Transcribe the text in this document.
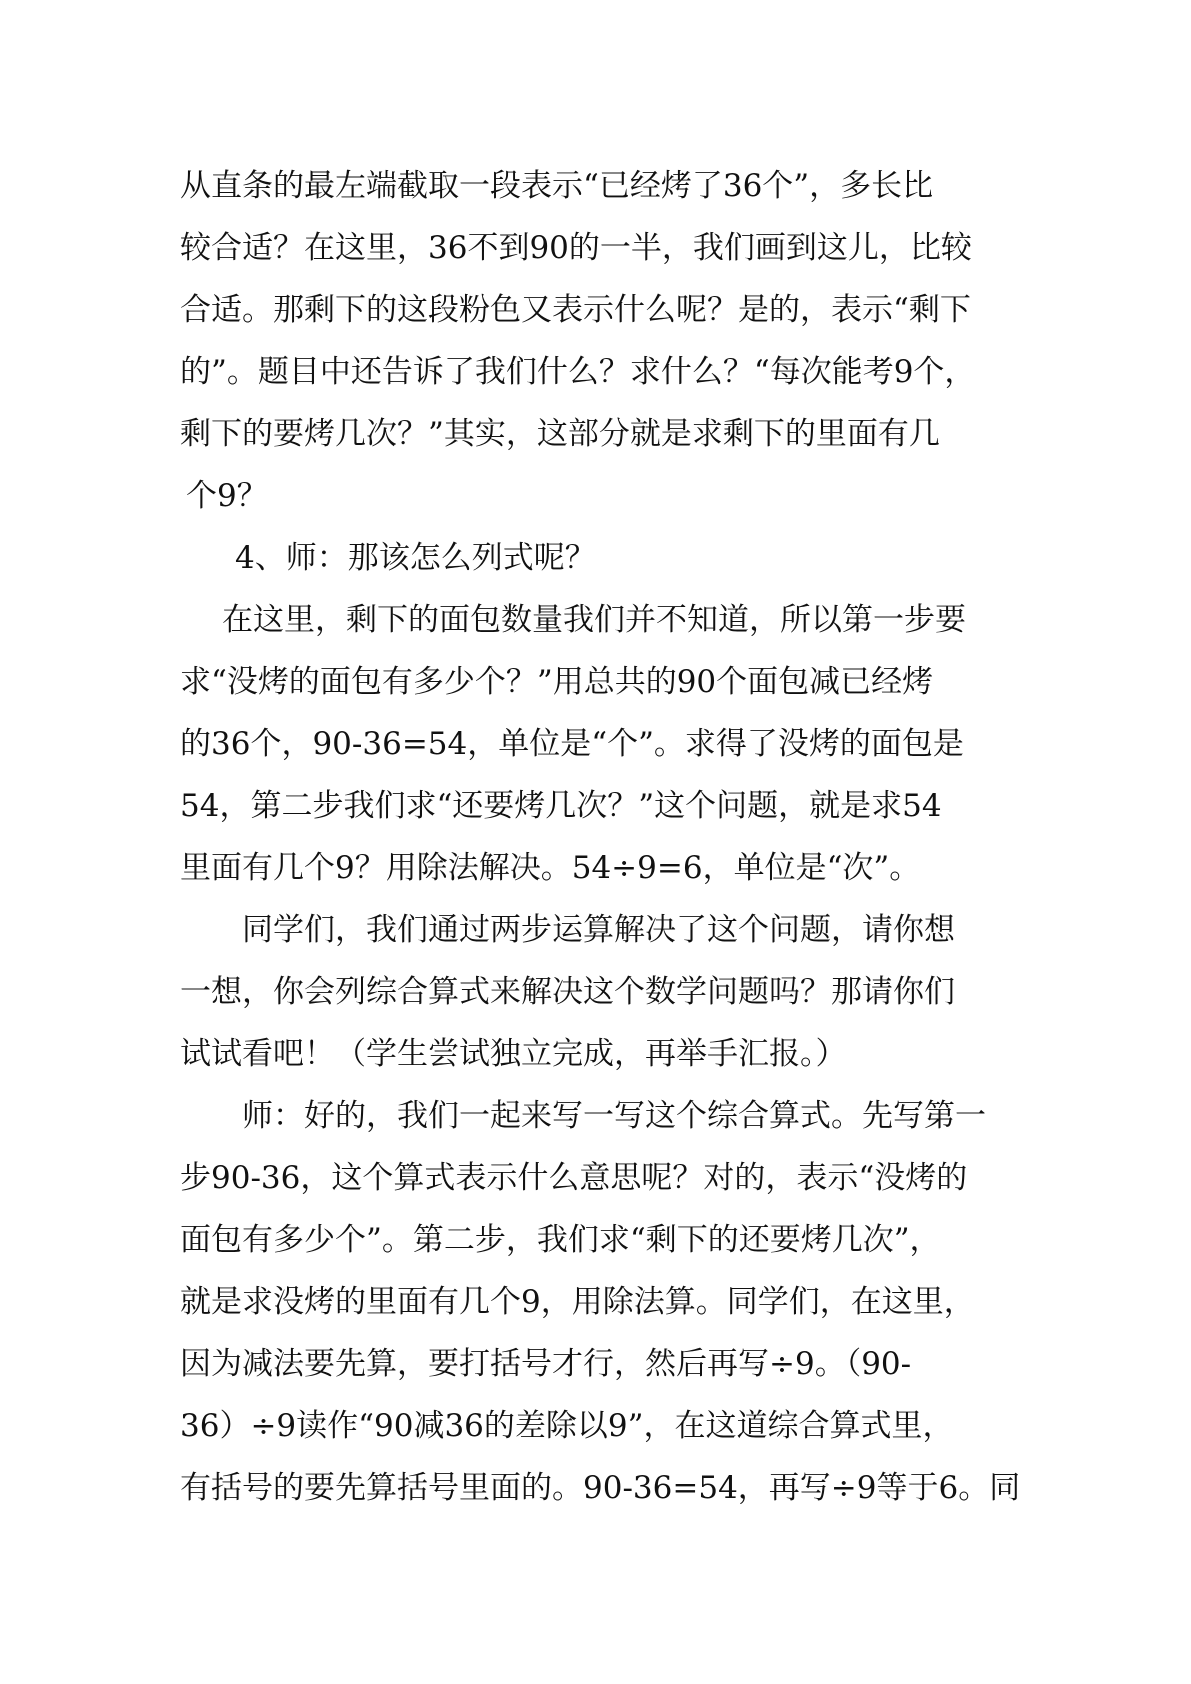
从直条的最左端截取一段表示“已经烤了36个”，多长比
较合适？在这里，36不到90的一半，我们画到这儿，比较
合适。那剩下的这段粉色又表示什么呢？是的，表示“剩下
的”。题目中还告诉了我们什么？求什么？“每次能考9个，
剩下的要烤几次？”其实，这部分就是求剩下的里面有几
个9？
4、师：那该怎么列式呢？
在这里，剩下的面包数量我们并不知道，所以第一步要
求“没烤的面包有多少个？”用总共的90个面包减已经烤
的36个，90-36=54，单位是“个”。求得了没烤的面包是
54，第二步我们求“还要烤几次？”这个问题，就是求54
里面有几个9？用除法解决。54÷9=6，单位是“次”。
同学们，我们通过两步运算解决了这个问题，请你想
一想，你会列综合算式来解决这个数学问题吗？那请你们
试试看吧！（学生尝试独立完成，再举手汇报。）
师：好的，我们一起来写一写这个综合算式。先写第一
步90-36，这个算式表示什么意思呢？对的，表示“没烤的
面包有多少个”。第二步，我们求“剩下的还要烤几次”，
就是求没烤的里面有几个9，用除法算。同学们，在这里，
因为减法要先算，要打括号才行，然后再写÷9。（90-
36）÷9读作“90减36的差除以9”，在这道综合算式里，
有括号的要先算括号里面的。90-36=54，再写÷9等于6。同
